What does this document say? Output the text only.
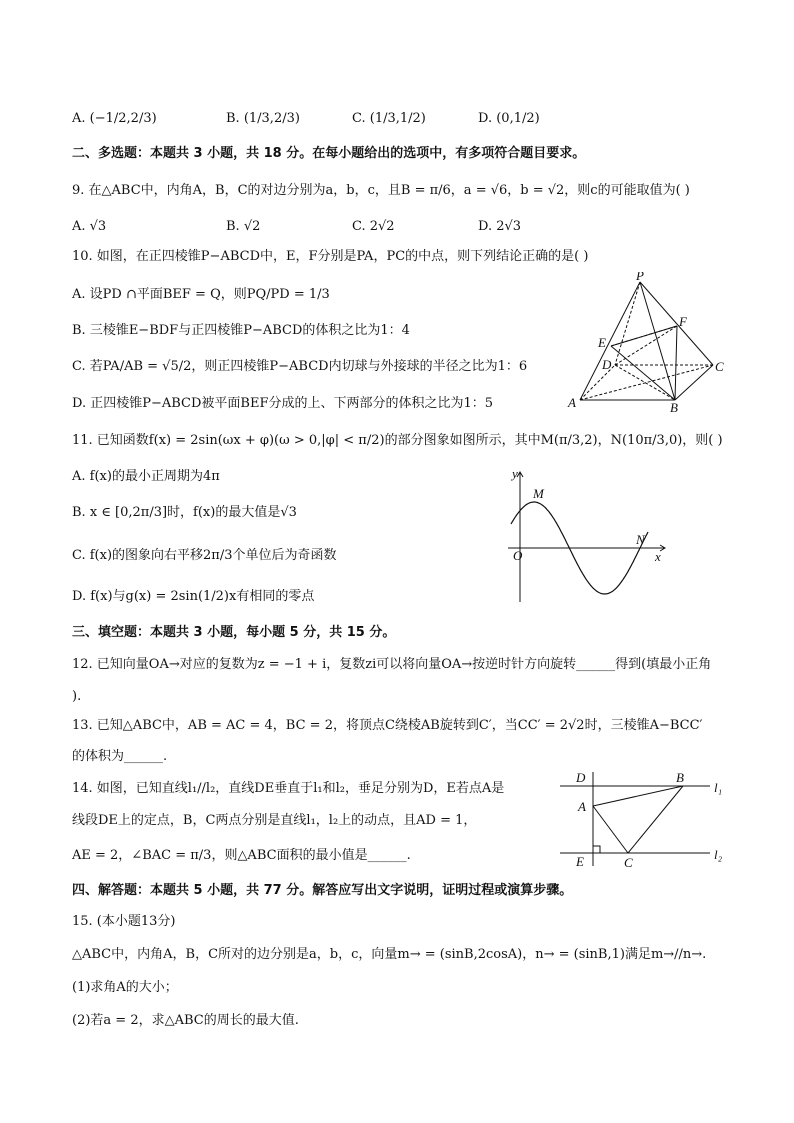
A. (−1/2,2/3)	B. (1/3,2/3)	C. (1/3,1/2)	D. (0,1/2)
二、多选题：本题共 3 小题，共 18 分。在每小题给出的选项中，有多项符合题目要求。
9. 在△ABC中，内角A，B，C的对边分别为a，b，c，且B = π/6，a = √6，b = √2，则c的可能取值为( )
A. √3	B. √2	C. 2√2	D. 2√3
10. 如图，在正四棱锥P−ABCD中，E，F分别是PA，PC的中点，则下列结论正确的是( )
A. 设PD ∩平面BEF = Q，则PQ/PD = 1/3
B. 三棱锥E−BDF与正四棱锥P−ABCD的体积之比为1：4
C. 若PA/AB = √5/2，则正四棱锥P−ABCD内切球与外接球的半径之比为1：6
D. 正四棱锥P−ABCD被平面BEF分成的上、下两部分的体积之比为1：5
P
E
F
D	C
A	B
11. 已知函数f(x) = 2sin(ωx + φ)(ω > 0,|φ| < π/2)的部分图象如图所示，其中M(π/3,2)，N(10π/3,0)，则( )
A. f(x)的最小正周期为4π
B. x ∈ [0,2π/3]时，f(x)的最大值是√3
C. f(x)的图象向右平移2π/3个单位后为奇函数
D. f(x)与g(x) = 2sin(1/2)x有相同的零点
y
x
O
M
N
三、填空题：本题共 3 小题，每小题 5 分，共 15 分。
12. 已知向量OA→对应的复数为z = −1 + i，复数zi可以将向量OA→按逆时针方向旋转______得到(填最小正角
).
13. 已知△ABC中，AB = AC = 4，BC = 2，将顶点C绕棱AB旋转到C′，当CC′ = 2√2时，三棱锥A−BCC′
的体积为______.
14. 如图，已知直线l₁//l₂，直线DE垂直于l₁和l₂，垂足分别为D，E若点A是
线段DE上的定点，B，C两点分别是直线l₁，l₂上的动点，且AD = 1，
AE = 2，∠BAC = π/3，则△ABC面积的最小值是______.
D	B
A
E	C
l₁
l₂
四、解答题：本题共 5 小题，共 77 分。解答应写出文字说明，证明过程或演算步骤。
15. (本小题13分)
△ABC中，内角A，B，C所对的边分别是a，b，c，向量m→ = (sinB,2cosA)，n→ = (sinB,1)满足m→//n→.
(1)求角A的大小；
(2)若a = 2，求△ABC的周长的最大值.
